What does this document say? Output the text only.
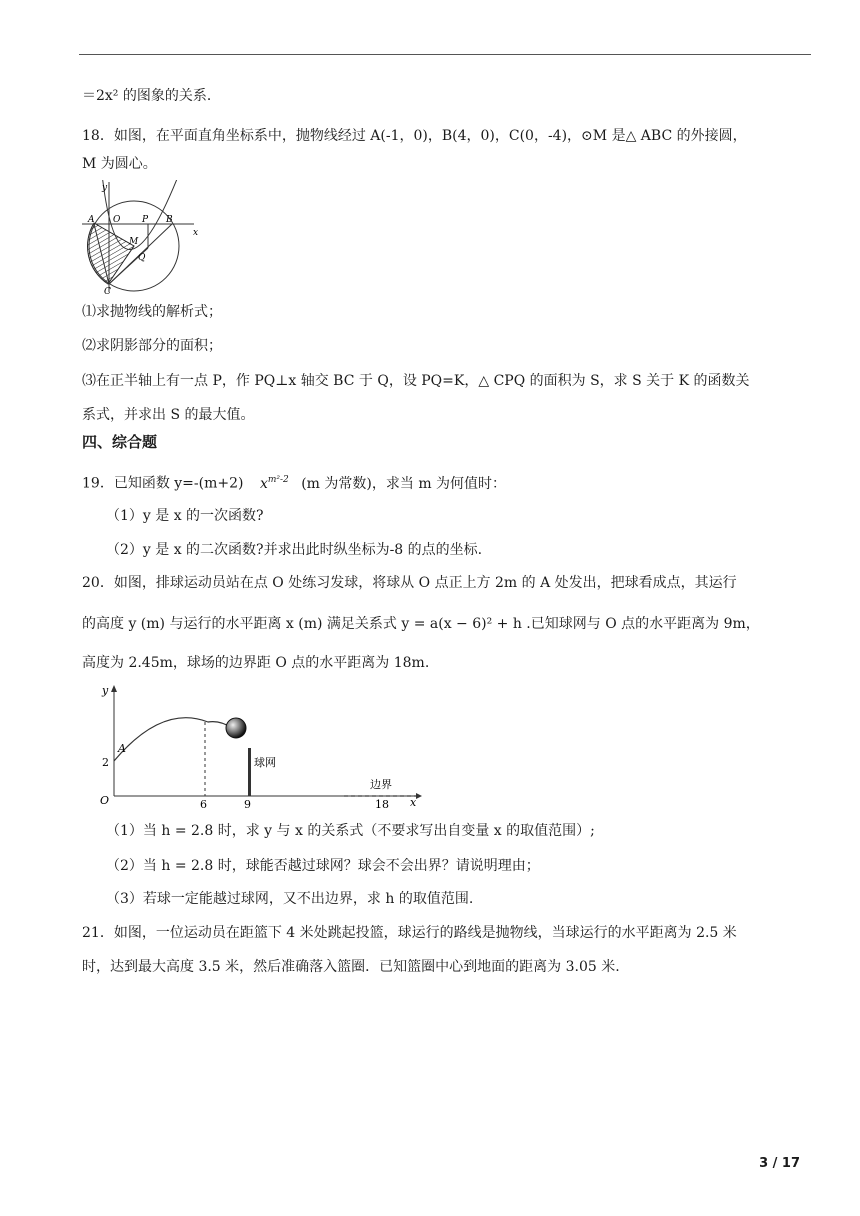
＝2x² 的图象的关系．
18．如图，在平面直角坐标系中，抛物线经过 A(-1，0)，B(4，0)，C(0，-4)，⊙M 是△ ABC 的外接圆，
M 为圆心。
y
x
A O P B
M
Q
C
⑴求抛物线的解析式；
⑵求阴影部分的面积；
⑶在正半轴上有一点 P，作 PQ⊥x 轴交 BC 于 Q，设 PQ=K，△ CPQ 的面积为 S，求 S 关于 K 的函数关
系式，并求出 S 的最大值。
四、综合题
19．已知函数 y=-(m+2) $x^{m^2-2}$ (m 为常数)，求当 m 为何值时：
（1）y 是 x 的一次函数?
（2）y 是 x 的二次函数?并求出此时纵坐标为-8 的点的坐标.
20．如图，排球运动员站在点 O 处练习发球，将球从 O 点正上方 2m 的 A 处发出，把球看成点，其运行
的高度 y (m) 与运行的水平距离 x (m) 满足关系式 y = a(x − 6)² + h .已知球网与 O 点的水平距离为 9m，
高度为 2.45m，球场的边界距 O 点的水平距离为 18m.
y
x
O
A
2
6	9	18
球网
边界
（1）当 h = 2.8 时，求 y 与 x 的关系式（不要求写出自变量 x 的取值范围）;
（2）当 h = 2.8 时，球能否越过球网？球会不会出界？请说明理由；
（3）若球一定能越过球网，又不出边界，求 h 的取值范围.
21．如图，一位运动员在距篮下 4 米处跳起投篮，球运行的路线是抛物线，当球运行的水平距离为 2.5 米
时，达到最大高度 3.5 米，然后准确落入篮圈．已知篮圈中心到地面的距离为 3.05 米.
3 / 17
